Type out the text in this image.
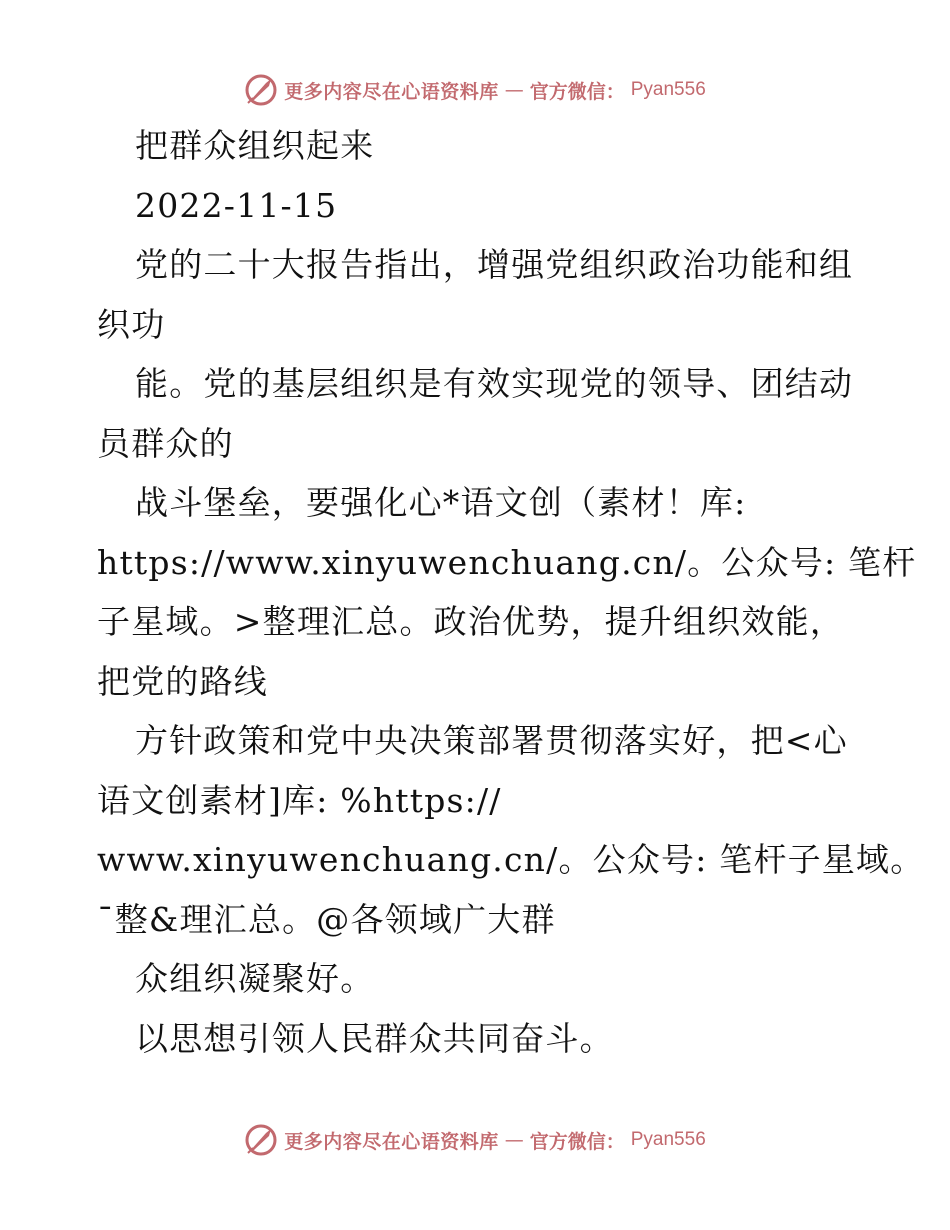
更多内容尽在心语资料库 — 官方微信： Pyan556
把群众组织起来
2022-11-15
党的二十大报告指出，增强党组织政治功能和组
织功
能。党的基层组织是有效实现党的领导、团结动
员群众的
战斗堡垒，要强化心*语文创（素材！库:
https://www.xinyuwenchuang.cn/。公众号: 笔杆
子星域。>整理汇总。政治优势，提升组织效能，
把党的路线
方针政策和党中央决策部署贯彻落实好，把<心
语文创素材]库: %https://
www.xinyuwenchuang.cn/。公众号: 笔杆子星域。
¯整&理汇总。@各领域广大群
众组织凝聚好。
以思想引领人民群众共同奋斗。
更多内容尽在心语资料库 — 官方微信： Pyan556
